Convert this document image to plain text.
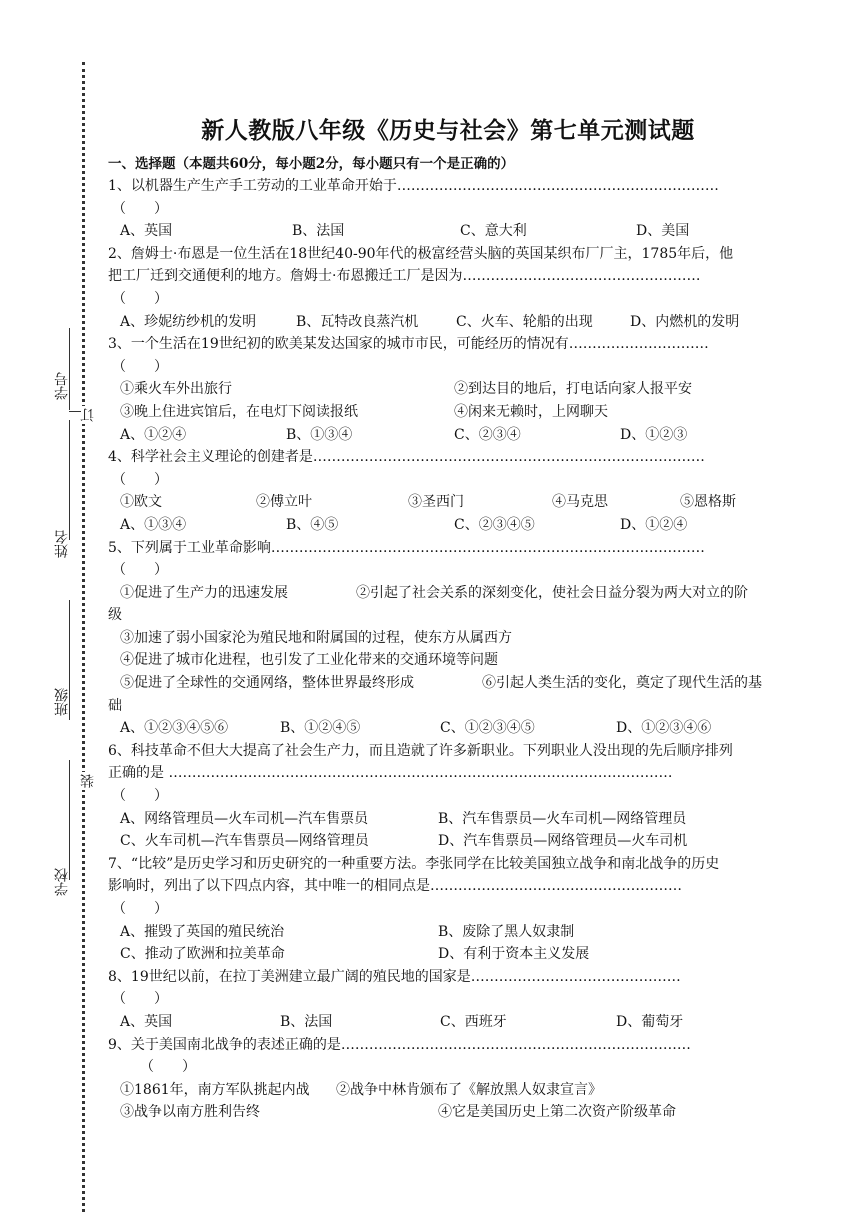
学号
订
姓名
班级
装
学校
新人教版八年级《历史与社会》第七单元测试题
一、选择题（本题共60分，每小题2分，每小题只有一个是正确的）
1、以机器生产生产手工劳动的工业革命开始于……………………………………………………………
（　　）
A、英国	B、法国	C、意大利	D、美国
2、詹姆士·布恩是一位生活在18世纪40-90年代的极富经营头脑的英国某织布厂厂主，1785年后，他
把工厂迁到交通便利的地方。詹姆士·布恩搬迁工厂是因为……………………………………………
（　　）
A、珍妮纺纱机的发明	B、瓦特改良蒸汽机	C、火车、轮船的出现	D、内燃机的发明
3、一个生活在19世纪初的欧美某发达国家的城市市民，可能经历的情况有…………………………
（　　）
①乘火车外出旅行	②到达目的地后，打电话向家人报平安
③晚上住进宾馆后，在电灯下阅读报纸	④闲来无赖时，上网聊天
A、①②④	B、①③④	C、②③④	D、①②③
4、科学社会主义理论的创建者是…………………………………………………………………………
（　　）
①欧文	②傅立叶	③圣西门	④马克思	⑤恩格斯
A、①③④	B、④⑤	C、②③④⑤	D、①②④
5、下列属于工业革命影响…………………………………………………………………………………
（　　）
①促进了生产力的迅速发展	②引起了社会关系的深刻变化，使社会日益分裂为两大对立的阶
级
③加速了弱小国家沦为殖民地和附属国的过程，使东方从属西方
④促进了城市化进程，也引发了工业化带来的交通环境等问题
⑤促进了全球性的交通网络，整体世界最终形成	⑥引起人类生活的变化，奠定了现代生活的基
础
A、①②③④⑤⑥	B、①②④⑤	C、①②③④⑤	D、①②③④⑥
6、科技革命不但大大提高了社会生产力，而且造就了许多新职业。下列职业人没出现的先后顺序排列
正确的是 ………………………………………………………………………………………………
（　　）
A、网络管理员—火车司机—汽车售票员	B、汽车售票员—火车司机—网络管理员
C、火车司机—汽车售票员—网络管理员	D、汽车售票员—网络管理员—火车司机
7、“比较”是历史学习和历史研究的一种重要方法。李张同学在比较美国独立战争和南北战争的历史
影响时，列出了以下四点内容，其中唯一的相同点是………………………………………………
（　　）
A、摧毁了英国的殖民统治	B、废除了黑人奴隶制
C、推动了欧洲和拉美革命	D、有利于资本主义发展
8、19世纪以前，在拉丁美洲建立最广阔的殖民地的国家是………………………………………
（　　）
A、英国	B、法国	C、西班牙	D、葡萄牙
9、关于美国南北战争的表述正确的是…………………………………………………………………
（　　）
①1861年，南方军队挑起内战	②战争中林肯颁布了《解放黑人奴隶宣言》
③战争以南方胜利告终	④它是美国历史上第二次资产阶级革命
